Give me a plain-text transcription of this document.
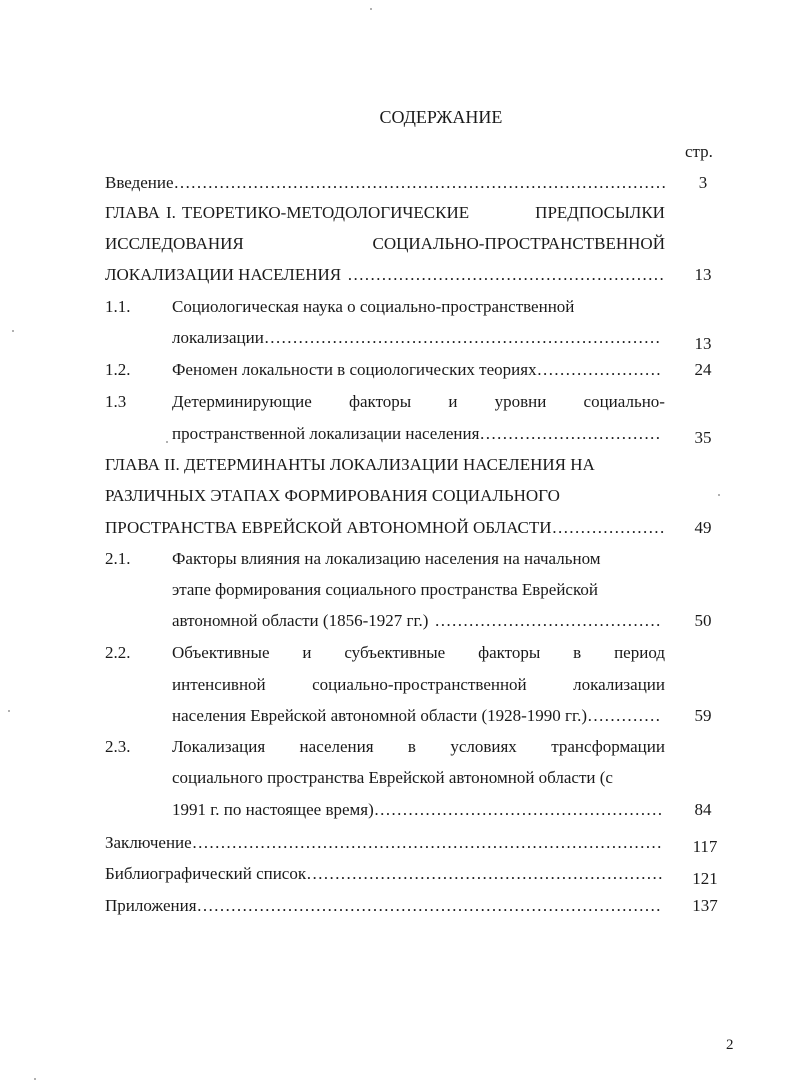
СОДЕРЖАНИЕ
стр.
Введение ……………………………………………………………………………………………………………………………………………………	3
ГЛАВА I. ТЕОРЕТИКО-МЕТОДОЛОГИЧЕСКИЕ	ПРЕДПОСЫЛКИ
ИССЛЕДОВАНИЯ	СОЦИАЛЬНО-ПРОСТРАНСТВЕННОЙ
ЛОКАЛИЗАЦИИ НАСЕЛЕНИЯ ……………………………………………………………………………………………………………………………………………………	13
1.1. Социологическая наука о социально-пространственной
локализации ……………………………………………………………………………………………………………………………………………………	13
1.2. Феномен локальности в социологических теориях ……………………………………………………………………………………………………………………………………………………	24
1.3	Детерминирующие факторы и уровни социально-
пространственной локализации населения ……………………………………………………………………………………………………………………………………………………	35
ГЛАВА II. ДЕТЕРМИНАНТЫ ЛОКАЛИЗАЦИИ НАСЕЛЕНИЯ НА
РАЗЛИЧНЫХ ЭТАПАХ ФОРМИРОВАНИЯ СОЦИАЛЬНОГО
ПРОСТРАНСТВА ЕВРЕЙСКОЙ АВТОНОМНОЙ ОБЛАСТИ ……………………………………………………………………………………………………………………………………………………	49
2.1. Факторы влияния на локализацию населения на начальном
этапе формирования социального пространства Еврейской
автономной области (1856-1927 гг.) ……………………………………………………………………………………………………………………………………………………	50
2.2. Объективные и субъективные факторы в период
интенсивной	социально-пространственной	локализации
населения Еврейской автономной области (1928-1990 гг.) ……………………………………………………………………………………………………………………………………………………	59
2.3. Локализация населения в условиях трансформации
социального пространства Еврейской автономной области (с
1991 г. по настоящее время) ……………………………………………………………………………………………………………………………………………………	84
Заключение ……………………………………………………………………………………………………………………………………………………	117
Библиографический список ……………………………………………………………………………………………………………………………………………………	121
Приложения ……………………………………………………………………………………………………………………………………………………	137
2
